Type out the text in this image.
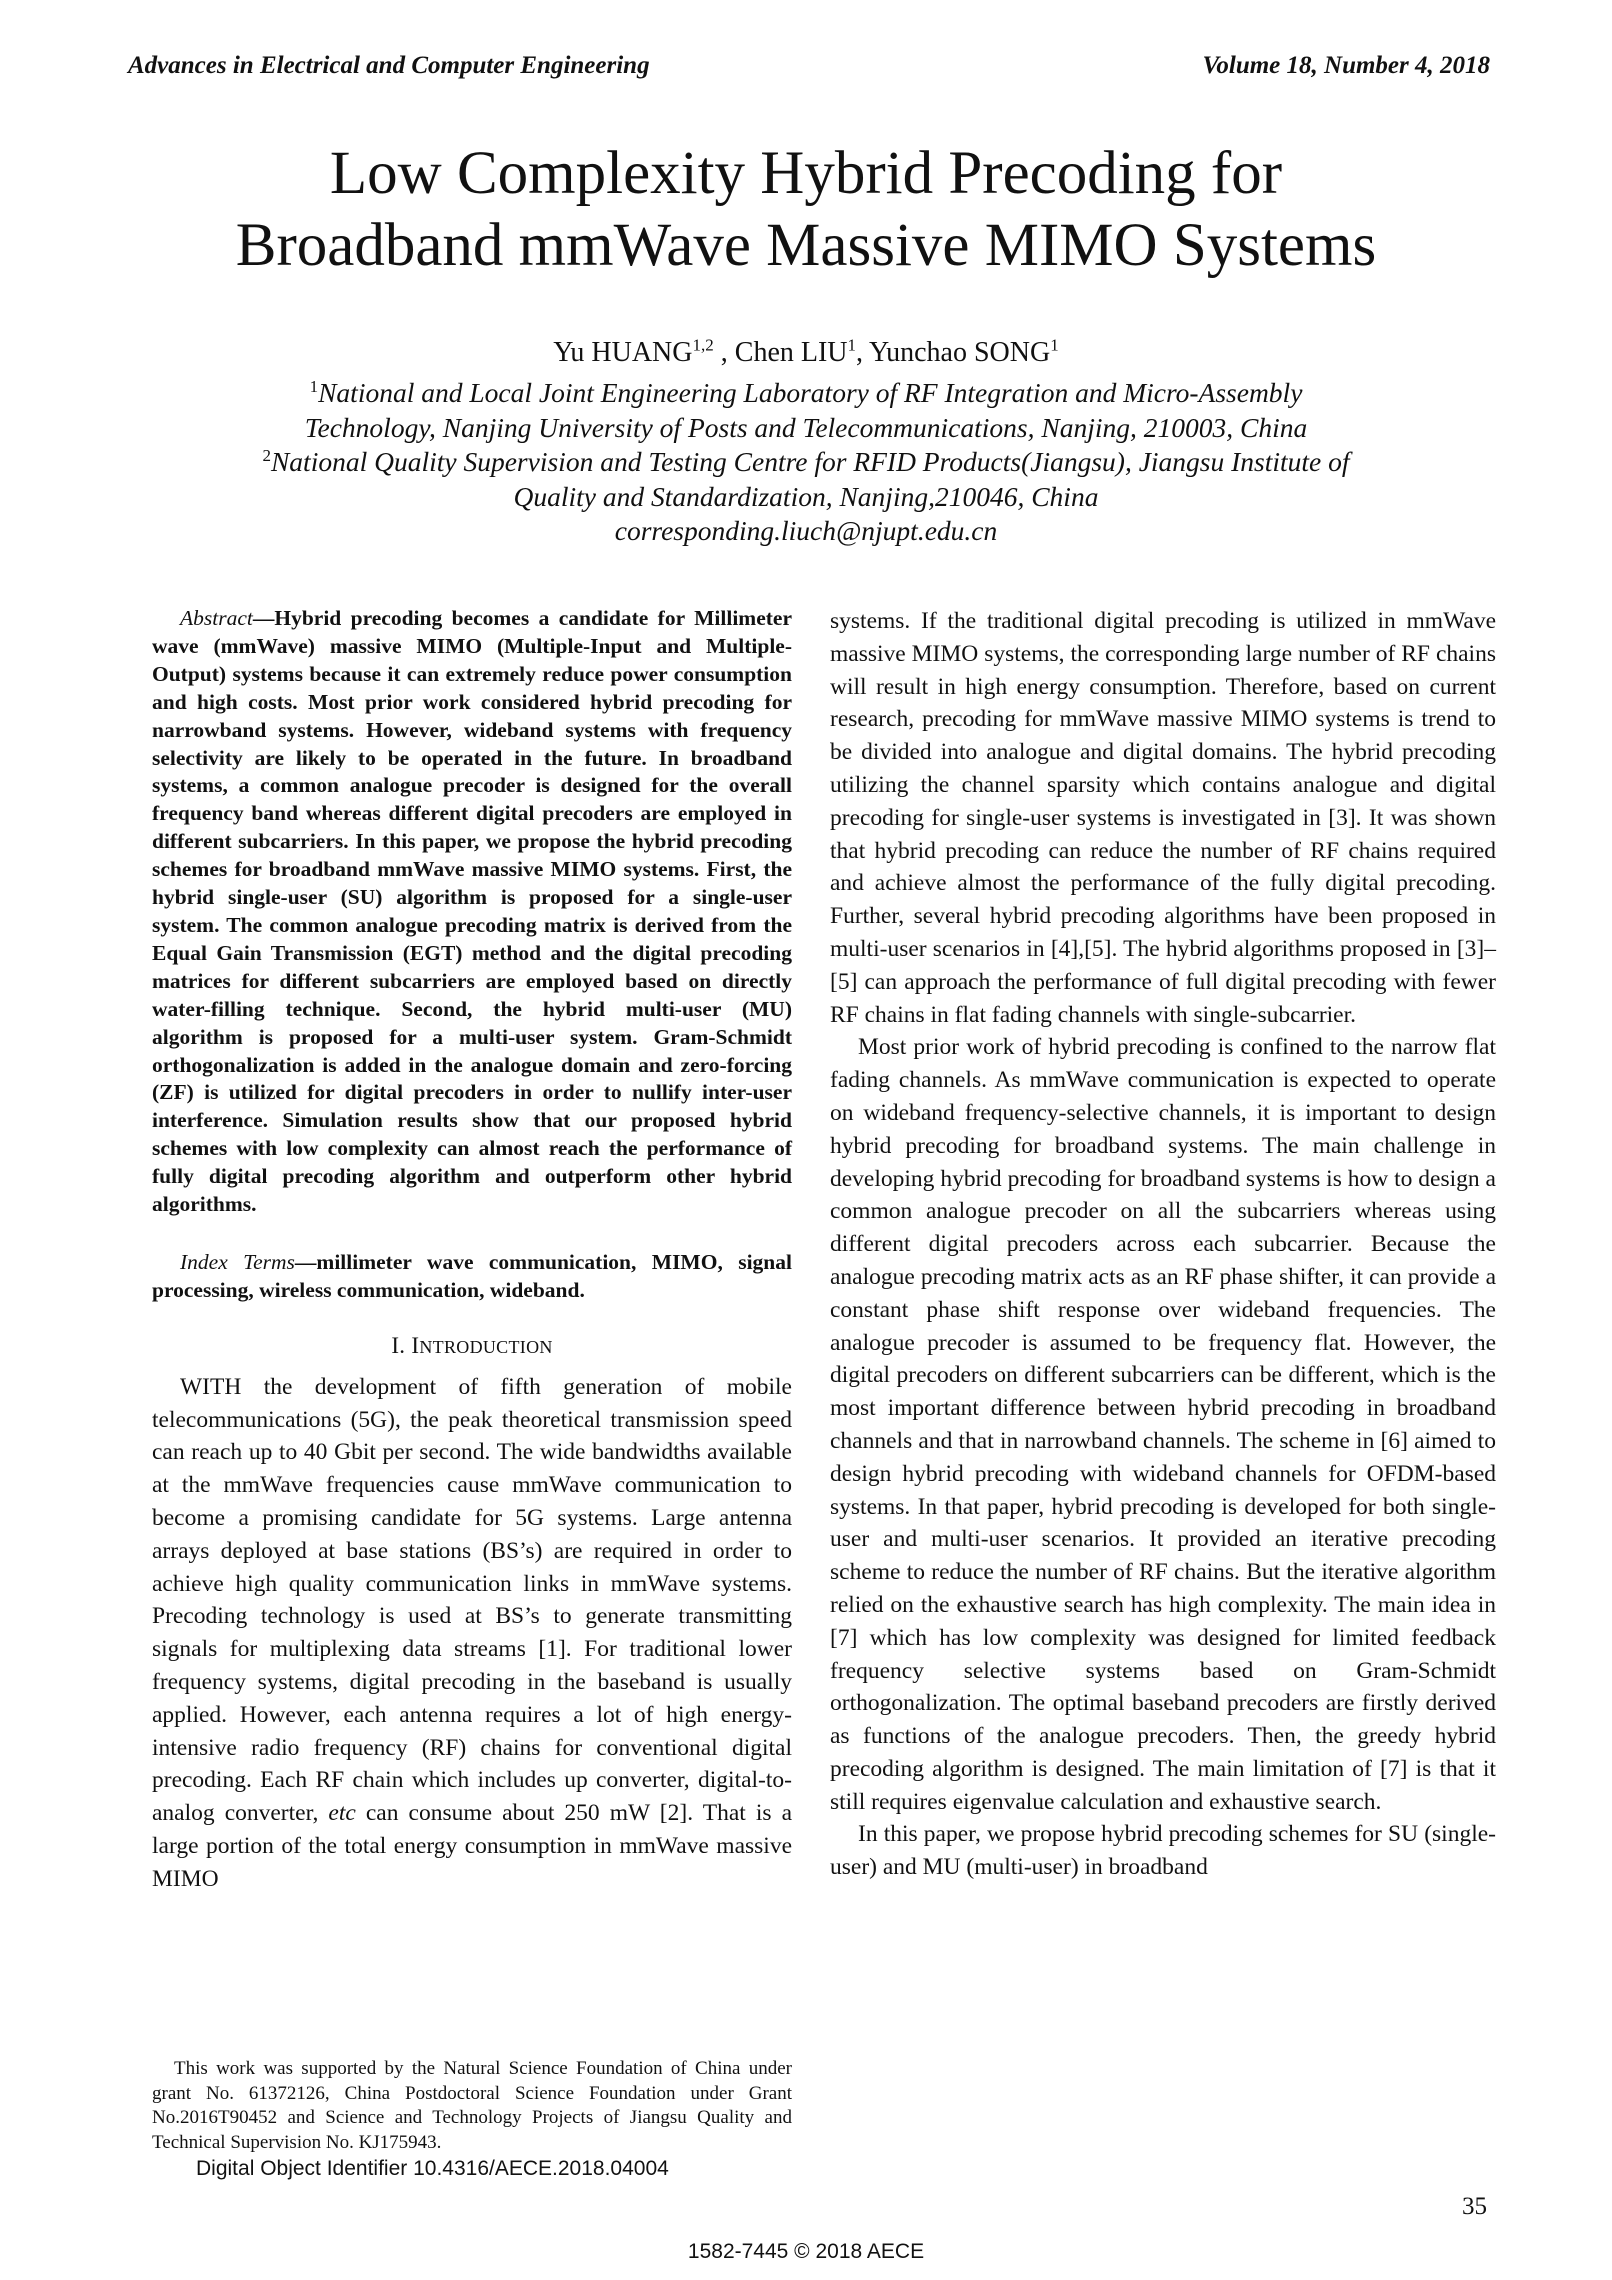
Advances in Electrical and Computer Engineering	Volume 18, Number 4, 2018
Low Complexity Hybrid Precoding for
Broadband mmWave Massive MIMO Systems
Yu HUANG$^{1,2}$ , Chen LIU$^1$, Yunchao SONG$^1$
$^1$National and Local Joint Engineering Laboratory of RF Integration and Micro-Assembly
Technology, Nanjing University of Posts and Telecommunications, Nanjing, 210003, China
$^2$National Quality Supervision and Testing Centre for RFID Products(Jiangsu), Jiangsu Institute of
Quality and Standardization, Nanjing,210046, China
corresponding.liuch@njupt.edu.cn

Abstract—Hybrid precoding becomes a candidate for Millimeter wave (mmWave) massive MIMO (Multiple-Input and Multiple-Output) systems because it can extremely reduce power consumption and high costs. Most prior work considered hybrid precoding for narrowband systems. However, wideband systems with frequency selectivity are likely to be operated in the future. In broadband systems, a common analogue precoder is designed for the overall frequency band whereas different digital precoders are employed in different subcarriers. In this paper, we propose the hybrid precoding schemes for broadband mmWave massive MIMO systems. First, the hybrid single-user (SU) algorithm is proposed for a single-user system. The common analogue precoding matrix is derived from the Equal Gain Transmission (EGT) method and the digital precoding matrices for different subcarriers are employed based on directly water-filling technique. Second, the hybrid multi-user (MU) algorithm is proposed for a multi-user system. Gram-Schmidt orthogonalization is added in the analogue domain and zero-forcing (ZF) is utilized for digital precoders in order to nullify inter-user interference. Simulation results show that our proposed hybrid schemes with low complexity can almost reach the performance of fully digital precoding algorithm and outperform other hybrid algorithms.

Index Terms—millimeter wave communication, MIMO, signal processing, wireless communication, wideband.

I. INTRODUCTION

WITH the development of fifth generation of mobile telecommunications (5G), the peak theoretical transmission speed can reach up to 40 Gbit per second. The wide bandwidths available at the mmWave frequencies cause mmWave communication to become a promising candidate for 5G systems. Large antenna arrays deployed at base stations (BS’s) are required in order to achieve high quality communication links in mmWave systems. Precoding technology is used at BS’s to generate transmitting signals for multiplexing data streams [1]. For traditional lower frequency systems, digital precoding in the baseband is usually applied. However, each antenna requires a lot of high energy-intensive radio frequency (RF) chains for conventional digital precoding. Each RF chain which includes up converter, digital-to-analog converter, etc can consume about 250 mW [2]. That is a large portion of the total energy consumption in mmWave massive MIMO

systems. If the traditional digital precoding is utilized in mmWave massive MIMO systems, the corresponding large number of RF chains will result in high energy consumption. Therefore, based on current research, precoding for mmWave massive MIMO systems is trend to be divided into analogue and digital domains. The hybrid precoding utilizing the channel sparsity which contains analogue and digital precoding for single-user systems is investigated in [3]. It was shown that hybrid precoding can reduce the number of RF chains required and achieve almost the performance of the fully digital precoding. Further, several hybrid precoding algorithms have been proposed in multi-user scenarios in [4],[5]. The hybrid algorithms proposed in [3]–[5] can approach the performance of full digital precoding with fewer RF chains in flat fading channels with single-subcarrier.

Most prior work of hybrid precoding is confined to the narrow flat fading channels. As mmWave communication is expected to operate on wideband frequency-selective channels, it is important to design hybrid precoding for broadband systems. The main challenge in developing hybrid precoding for broadband systems is how to design a common analogue precoder on all the subcarriers whereas using different digital precoders across each subcarrier. Because the analogue precoding matrix acts as an RF phase shifter, it can provide a constant phase shift response over wideband frequencies. The analogue precoder is assumed to be frequency flat. However, the digital precoders on different subcarriers can be different, which is the most important difference between hybrid precoding in broadband channels and that in narrowband channels. The scheme in [6] aimed to design hybrid precoding with wideband channels for OFDM-based systems. In that paper, hybrid precoding is developed for both single-user and multi-user scenarios. It provided an iterative precoding scheme to reduce the number of RF chains. But the iterative algorithm relied on the exhaustive search has high complexity. The main idea in [7] which has low complexity was designed for limited feedback frequency selective systems based on Gram-Schmidt orthogonalization. The optimal baseband precoders are firstly derived as functions of the analogue precoders. Then, the greedy hybrid precoding algorithm is designed. The main limitation of [7] is that it still requires eigenvalue calculation and exhaustive search.

In this paper, we propose hybrid precoding schemes for SU (single-user) and MU (multi-user) in broadband

This work was supported by the Natural Science Foundation of China under grant No. 61372126, China Postdoctoral Science Foundation under Grant No.2016T90452 and Science and Technology Projects of Jiangsu Quality and Technical Supervision No. KJ175943.
Digital Object Identifier 10.4316/AECE.2018.04004
35
1582-7445 © 2018 AECE
